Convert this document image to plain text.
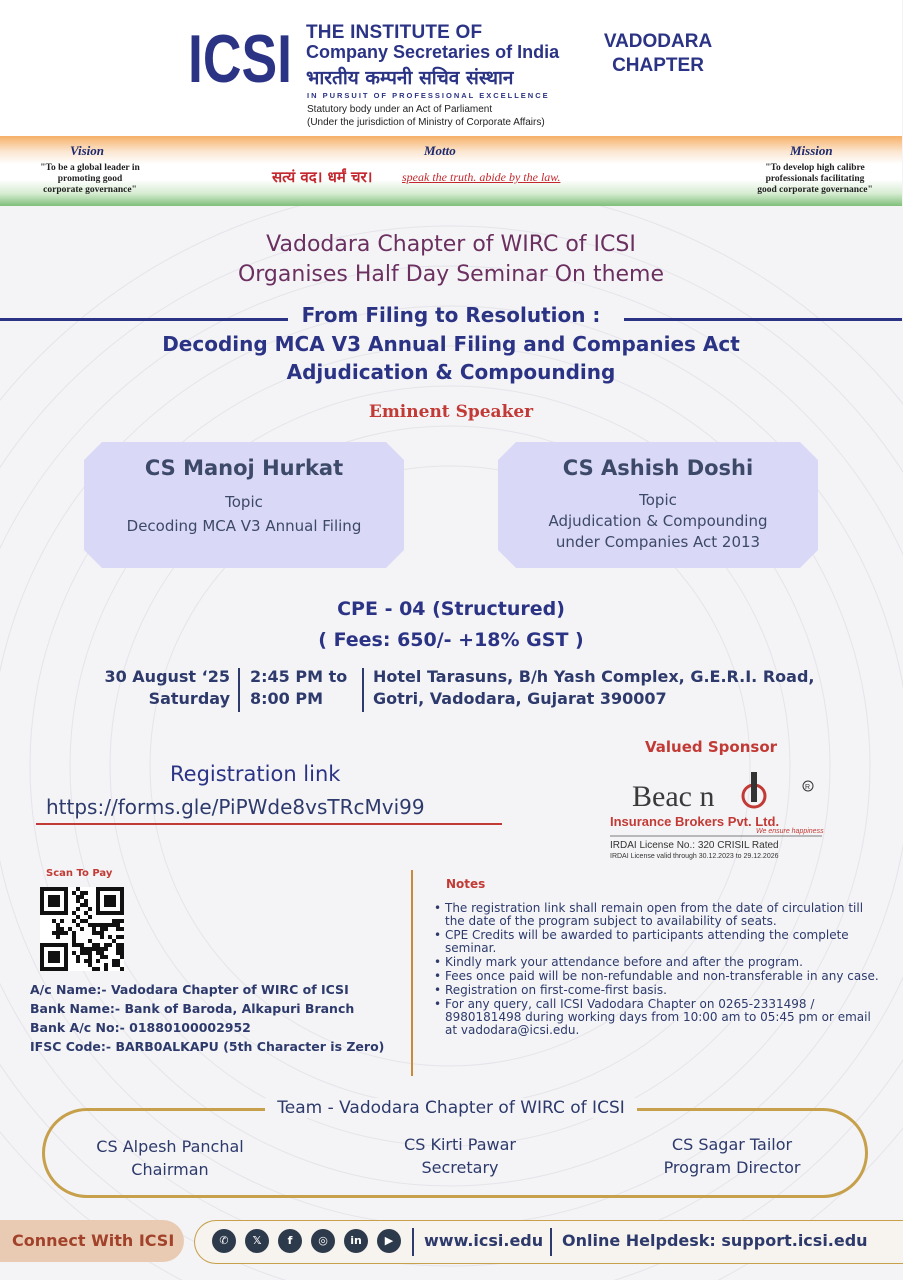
ICSI THE INSTITUTE OF
Company Secretaries of India
भारतीय कम्पनी सचिव संस्थान
IN PURSUIT OF PROFESSIONAL EXCELLENCE
Statutory body under an Act of Parliament
(Under the jurisdiction of Ministry of Corporate Affairs)
VADODARA
CHAPTER
Vision
"To be a global leader in
promoting good
corporate governance"
Motto
सत्यं वद। धर्मं चर। speak the truth. abide by the law.
Mission
"To develop high calibre
professionals facilitating
good corporate governance"
Vadodara Chapter of WIRC of ICSI
Organises Half Day Seminar On theme
From Filing to Resolution :
Decoding MCA V3 Annual Filing and Companies Act
Adjudication & Compounding
Eminent Speaker
CS Manoj Hurkat
Topic
Decoding MCA V3 Annual Filing
CS Ashish Doshi
Topic
Adjudication & Compounding
under Companies Act 2013
CPE - 04 (Structured)
( Fees: 650/- +18% GST )
30 August ‘25
Saturday
2:45 PM to
8:00 PM
Hotel Tarasuns, B/h Yash Complex, G.E.R.I. Road,
Gotri, Vadodara, Gujarat 390007
Registration link
https://forms.gle/PiPWde8vsTRcMvi99
Valued Sponsor
Beac n	R
Insurance Brokers Pvt. Ltd.
We ensure happiness
IRDAI License No.: 320 CRISIL Rated
IRDAI License valid through 30.12.2023 to 29.12.2026
Scan To Pay
A/c Name:- Vadodara Chapter of WIRC of ICSI
Bank Name:- Bank of Baroda, Alkapuri Branch
Bank A/c No:- 01880100002952
IFSC Code:- BARB0ALKAPU (5th Character is Zero)
Notes
• The registration link shall remain open from the date of circulation till the date of the program subject to availability of seats.
• CPE Credits will be awarded to participants attending the complete seminar.
• Kindly mark your attendance before and after the program.
• Fees once paid will be non-refundable and non-transferable in any case.
• Registration on first-come-first basis.
• For any query, call ICSI Vadodara Chapter on 0265-2331498 / 8980181498 during working days from 10:00 am to 05:45 pm or email at vadodara@icsi.edu.
Team - Vadodara Chapter of WIRC of ICSI
CS Alpesh Panchal
Chairman
CS Kirti Pawar
Secretary
CS Sagar Tailor
Program Director
Connect With ICSI	✆	𝕏	f	◎	in	▶	www.icsi.edu Online Helpdesk: support.icsi.edu
